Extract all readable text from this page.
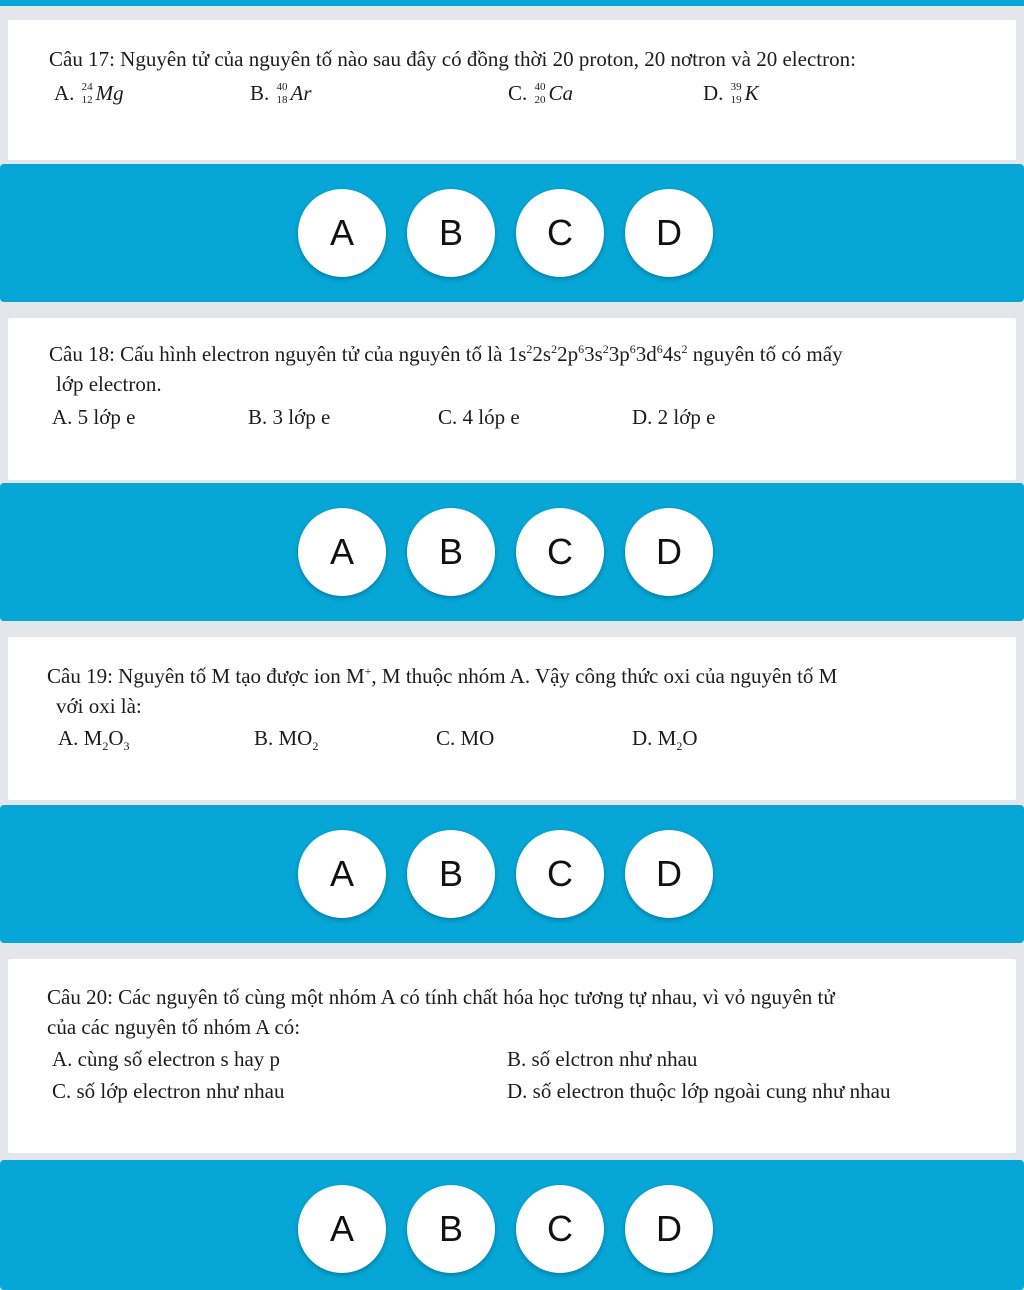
Câu 17: Nguyên tử của nguyên tố nào sau đây có đồng thời 20 proton, 20 nơtron và 20 electron:
A. 24
12 Mg	B. 40
18 Ar	C. 40
20 Ca	D. 39
19 K
A	B	C	D
Câu 18: Cấu hình electron nguyên tử của nguyên tố là $1s^22s^22p^63s^23p^63d^64s^2$ nguyên tố có mấy
lớp electron.
A. 5 lớp e	B. 3 lớp e	C. 4 lóp e	D. 2 lớp e
A	B	C	D
Câu 19: Nguyên tố M tạo được ion M+, M thuộc nhóm A. Vậy công thức oxi của nguyên tố M
với oxi là:
A. $M_2O_3$	B. $MO_2$	C. MO	D. $M_2O$
A	B	C	D
Câu 20: Các nguyên tố cùng một nhóm A có tính chất hóa học tương tự nhau, vì vỏ nguyên tử
của các nguyên tố nhóm A có:
A. cùng số electron s hay p	B. số elctron như nhau
C. số lớp electron như nhau	D. số electron thuộc lớp ngoài cung như nhau
A	B	C	D
